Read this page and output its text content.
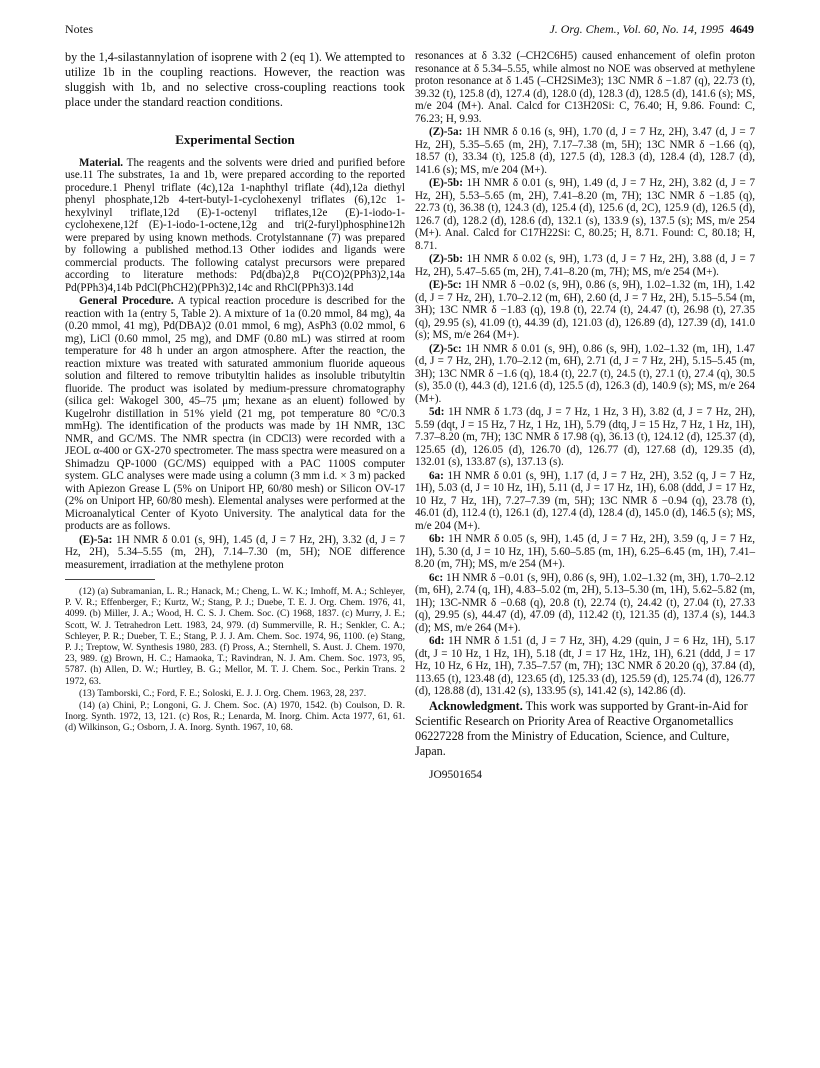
Notes	J. Org. Chem., Vol. 60, No. 14, 1995 4649

by the 1,4-silastannylation of isoprene with 2 (eq 1). We attempted to utilize 1b in the coupling reactions. However, the reaction was sluggish with 1b, and no selective cross-coupling reactions took place under the standard reaction conditions.

Experimental Section

Material. The reagents and the solvents were dried and purified before use.11 The substrates, 1a and 1b, were prepared according to the reported procedure.1 Phenyl triflate (4c),12a 1-naphthyl triflate (4d),12a diethyl phenyl phosphate,12b 4-tert-butyl-1-cyclohexenyl triflates (6),12c 1-hexylvinyl triflate,12d (E)-1-octenyl triflates,12e (E)-1-iodo-1-cyclohexene,12f (E)-1-iodo-1-octene,12g and tri(2-furyl)phosphine12h were prepared by using known methods. Crotylstannane (7) was prepared by following a published method.13 Other iodides and ligands were commercial products. The following catalyst precursors were prepared according to literature methods: Pd(dba)2,8 Pt(CO)2(PPh3)2,14a Pd(PPh3)4,14b PdCl(PhCH2)(PPh3)2,14c and RhCl(PPh3)3.14d

General Procedure. A typical reaction procedure is described for the reaction with 1a (entry 5, Table 2). A mixture of 1a (0.20 mmol, 84 mg), 4a (0.20 mmol, 41 mg), Pd(DBA)2 (0.01 mmol, 6 mg), AsPh3 (0.02 mmol, 6 mg), LiCl (0.60 mmol, 25 mg), and DMF (0.80 mL) was stirred at room temperature for 48 h under an argon atmosphere. After the reaction, the reaction mixture was treated with saturated ammonium fluoride aqueous solution and filtered to remove tributyltin halides as insoluble tributyltin fluoride. The product was isolated by medium-pressure chromatography (silica gel: Wakogel 300, 45–75 μm; hexane as an eluent) followed by Kugelrohr distillation in 51% yield (21 mg, pot temperature 80 °C/0.3 mmHg). The identification of the products was made by 1H NMR, 13C NMR, and GC/MS. The NMR spectra (in CDCl3) were recorded with a JEOL α-400 or GX-270 spectrometer. The mass spectra were measured on a Shimadzu QP-1000 (GC/MS) equipped with a PAC 1100S computer system. GLC analyses were made using a column (3 mm i.d. × 3 m) packed with Apiezon Grease L (5% on Uniport HP, 60/80 mesh) or Silicon OV-17 (2% on Uniport HP, 60/80 mesh). Elemental analyses were performed at the Microanalytical Center of Kyoto University. The analytical data for the products are as follows.

(E)-5a: 1H NMR δ 0.01 (s, 9H), 1.45 (d, J = 7 Hz, 2H), 3.32 (d, J = 7 Hz, 2H), 5.34–5.55 (m, 2H), 7.14–7.30 (m, 5H); NOE difference measurement, irradiation at the methylene proton

(12) (a) Subramanian, L. R.; Hanack, M.; Cheng, L. W. K.; Imhoff, M. A.; Schleyer, P. V. R.; Effenberger, F.; Kurtz, W.; Stang, P. J.; Duebe, T. E. J. Org. Chem. 1976, 41, 4099. (b) Miller, J. A.; Wood, H. C. S. J. Chem. Soc. (C) 1968, 1837. (c) Murry, J. E.; Scott, W. J. Tetrahedron Lett. 1983, 24, 979. (d) Summerville, R. H.; Senkler, C. A.; Schleyer, P. R.; Dueber, T. E.; Stang, P. J. J. Am. Chem. Soc. 1974, 96, 1100. (e) Stang, P. J.; Treptow, W. Synthesis 1980, 283. (f) Pross, A.; Sternhell, S. Aust. J. Chem. 1970, 23, 989. (g) Brown, H. C.; Hamaoka, T.; Ravindran, N. J. Am. Chem. Soc. 1973, 95, 5787. (h) Allen, D. W.; Hurtley, B. G.; Mellor, M. T. J. Chem. Soc., Perkin Trans. 2 1972, 63.

(13) Tamborski, C.; Ford, F. E.; Soloski, E. J. J. Org. Chem. 1963, 28, 237.

(14) (a) Chini, P.; Longoni, G. J. Chem. Soc. (A) 1970, 1542. (b) Coulson, D. R. Inorg. Synth. 1972, 13, 121. (c) Ros, R.; Lenarda, M. Inorg. Chim. Acta 1977, 61, 61. (d) Wilkinson, G.; Osborn, J. A. Inorg. Synth. 1967, 10, 68.

resonances at δ 3.32 (–CH2C6H5) caused enhancement of olefin proton resonance at δ 5.34–5.55, while almost no NOE was observed at methylene proton resonance at δ 1.45 (–CH2SiMe3); 13C NMR δ −1.87 (q), 22.73 (t), 39.32 (t), 125.8 (d), 127.4 (d), 128.0 (d), 128.3 (d), 128.5 (d), 141.6 (s); MS, m/e 204 (M+). Anal. Calcd for C13H20Si: C, 76.40; H, 9.86. Found: C, 76.23; H, 9.93.

(Z)-5a: 1H NMR δ 0.16 (s, 9H), 1.70 (d, J = 7 Hz, 2H), 3.47 (d, J = 7 Hz, 2H), 5.35–5.65 (m, 2H), 7.17–7.38 (m, 5H); 13C NMR δ −1.66 (q), 18.57 (t), 33.34 (t), 125.8 (d), 127.5 (d), 128.3 (d), 128.4 (d), 128.7 (d), 141.6 (s); MS, m/e 204 (M+).

(E)-5b: 1H NMR δ 0.01 (s, 9H), 1.49 (d, J = 7 Hz, 2H), 3.82 (d, J = 7 Hz, 2H), 5.53–5.65 (m, 2H), 7.41–8.20 (m, 7H); 13C NMR δ −1.85 (q), 22.73 (t), 36.38 (t), 124.3 (d), 125.4 (d), 125.6 (d, 2C), 125.9 (d), 126.5 (d), 126.7 (d), 128.2 (d), 128.6 (d), 132.1 (s), 133.9 (s), 137.5 (s); MS, m/e 254 (M+). Anal. Calcd for C17H22Si: C, 80.25; H, 8.71. Found: C, 80.18; H, 8.71.

(Z)-5b: 1H NMR δ 0.02 (s, 9H), 1.73 (d, J = 7 Hz, 2H), 3.88 (d, J = 7 Hz, 2H), 5.47–5.65 (m, 2H), 7.41–8.20 (m, 7H); MS, m/e 254 (M+).

(E)-5c: 1H NMR δ −0.02 (s, 9H), 0.86 (s, 9H), 1.02–1.32 (m, 1H), 1.42 (d, J = 7 Hz, 2H), 1.70–2.12 (m, 6H), 2.60 (d, J = 7 Hz, 2H), 5.15–5.54 (m, 3H); 13C NMR δ −1.83 (q), 19.8 (t), 22.74 (t), 24.47 (t), 26.98 (t), 27.35 (q), 29.95 (s), 41.09 (t), 44.39 (d), 121.03 (d), 126.89 (d), 127.39 (d), 141.0 (s); MS, m/e 264 (M+).

(Z)-5c: 1H NMR δ 0.01 (s, 9H), 0.86 (s, 9H), 1.02–1.32 (m, 1H), 1.47 (d, J = 7 Hz, 2H), 1.70–2.12 (m, 6H), 2.71 (d, J = 7 Hz, 2H), 5.15–5.45 (m, 3H); 13C NMR δ −1.6 (q), 18.4 (t), 22.7 (t), 24.5 (t), 27.1 (t), 27.4 (q), 30.5 (s), 35.0 (t), 44.3 (d), 121.6 (d), 125.5 (d), 126.3 (d), 140.9 (s); MS, m/e 264 (M+).

5d: 1H NMR δ 1.73 (dq, J = 7 Hz, 1 Hz, 3 H), 3.82 (d, J = 7 Hz, 2H), 5.59 (dqt, J = 15 Hz, 7 Hz, 1 Hz, 1H), 5.79 (dtq, J = 15 Hz, 7 Hz, 1 Hz, 1H), 7.37–8.20 (m, 7H); 13C NMR δ 17.98 (q), 36.13 (t), 124.12 (d), 125.37 (d), 125.65 (d), 126.05 (d), 126.70 (d), 126.77 (d), 127.68 (d), 129.35 (d), 132.01 (s), 133.87 (s), 137.13 (s).

6a: 1H NMR δ 0.01 (s, 9H), 1.17 (d, J = 7 Hz, 2H), 3.52 (q, J = 7 Hz, 1H), 5.03 (d, J = 10 Hz, 1H), 5.11 (d, J = 17 Hz, 1H), 6.08 (ddd, J = 17 Hz, 10 Hz, 7 Hz, 1H), 7.27–7.39 (m, 5H); 13C NMR δ −0.94 (q), 23.78 (t), 46.01 (d), 112.4 (t), 126.1 (d), 127.4 (d), 128.4 (d), 145.0 (d), 146.5 (s); MS, m/e 204 (M+).

6b: 1H NMR δ 0.05 (s, 9H), 1.45 (d, J = 7 Hz, 2H), 3.59 (q, J = 7 Hz, 1H), 5.30 (d, J = 10 Hz, 1H), 5.60–5.85 (m, 1H), 6.25–6.45 (m, 1H), 7.41–8.20 (m, 7H); MS, m/e 254 (M+).

6c: 1H NMR δ −0.01 (s, 9H), 0.86 (s, 9H), 1.02–1.32 (m, 3H), 1.70–2.12 (m, 6H), 2.74 (q, 1H), 4.83–5.02 (m, 2H), 5.13–5.30 (m, 1H), 5.62–5.82 (m, 1H); 13C-NMR δ −0.68 (q), 20.8 (t), 22.74 (t), 24.42 (t), 27.04 (t), 27.33 (q), 29.95 (s), 44.47 (d), 47.09 (d), 112.42 (t), 121.35 (d), 137.4 (s), 144.3 (d); MS, m/e 264 (M+).

6d: 1H NMR δ 1.51 (d, J = 7 Hz, 3H), 4.29 (quin, J = 6 Hz, 1H), 5.17 (dt, J = 10 Hz, 1 Hz, 1H), 5.18 (dt, J = 17 Hz, 1Hz, 1H), 6.21 (ddd, J = 17 Hz, 10 Hz, 6 Hz, 1H), 7.35–7.57 (m, 7H); 13C NMR δ 20.20 (q), 37.84 (d), 113.65 (t), 123.48 (d), 123.65 (d), 125.33 (d), 125.59 (d), 125.74 (d), 126.77 (d), 128.88 (d), 131.42 (s), 133.95 (s), 141.42 (s), 142.86 (d).

Acknowledgment. This work was supported by Grant-in-Aid for Scientific Research on Priority Area of Reactive Organometallics 06227228 from the Ministry of Education, Science, and Culture, Japan.

JO9501654
